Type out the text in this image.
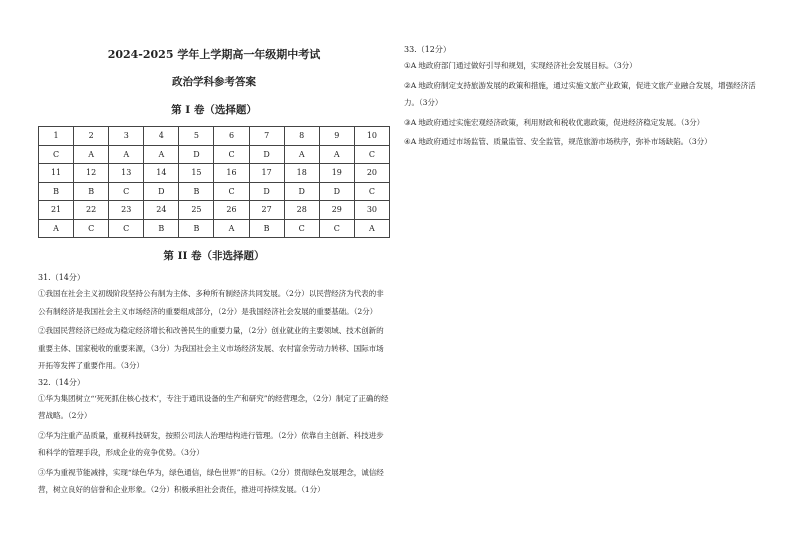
2024-2025 学年上学期高一年级期中考试
政治学科参考答案
第 I 卷（选择题）
1	2	3	4	5	6	7	8	9	10
C	A	A	A	D	C	D	A	A	C
11	12	13	14	15	16	17	18	19	20
B	B	C	D	B	C	D	D	D	C
21	22	23	24	25	26	27	28	29	30
A	C	C	B	B	A	B	C	C	A
第 II 卷（非选择题）
31.（14分）

①我国在社会主义初级阶段坚持公有制为主体、多种所有制经济共同发展。（2分）以民营经济为代表的非公有制经济是我国社会主义市场经济的重要组成部分，（2分）是我国经济社会发展的重要基础。（2分）

②我国民营经济已经成为稳定经济增长和改善民生的重要力量，（2分）创业就业的主要领域、技术创新的重要主体、国家税收的重要来源，（3分）为我国社会主义市场经济发展、农村富余劳动力转移、国际市场开拓等发挥了重要作用。（3分）

32.（14分）

①华为集团树立“‘死死抓住核心技术’，专注于通讯设备的生产和研究”的经营理念，（2分）制定了正确的经营战略。（2分）

②华为注重产品质量，重视科技研发，按照公司法人治理结构进行管理。（2分）依靠自主创新、科技进步和科学的管理手段，形成企业的竞争优势。（3分）

③华为重视节能减排，实现“绿色华为，绿色通信，绿色世界”的目标。（2分）贯彻绿色发展理念，诚信经营，树立良好的信誉和企业形象。（2分）积极承担社会责任，推进可持续发展。（1分）

33.（12分）

①A 地政府部门通过做好引导和规划，实现经济社会发展目标。（3分）

②A 地政府制定支持旅游发展的政策和措施，通过实施文旅产业政策，促进文旅产业融合发展，增强经济活力。（3分）

③A 地政府通过实施宏观经济政策，利用财政和税收优惠政策，促进经济稳定发展。（3分）

④A 地政府通过市场监管、质量监管、安全监管，规范旅游市场秩序，弥补市场缺陷。（3分）
